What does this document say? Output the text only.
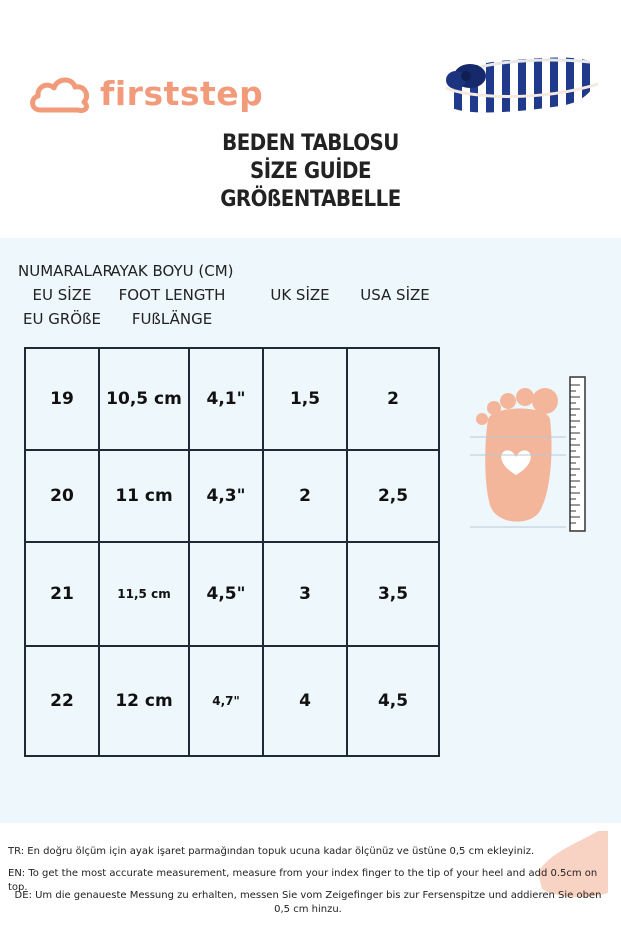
firststep
BEDEN TABLOSU
SİZE GUİDE
GRÖßENTABELLE
NUMARALAR
EU SİZE
EU GRÖßE
AYAK BOYU (CM)
FOOT LENGTH
FUßLÄNGE
UK SİZE	USA SİZE
19	10,5 cm	4,1"	1,5	2
20	11 cm	4,3"	2	2,5
21	11,5 cm	4,5"	3	3,5
22	12 cm	4,7"	4	4,5
TR: En doğru ölçüm için ayak işaret parmağından topuk ucuna kadar ölçünüz ve üstüne 0,5 cm ekleyiniz.
EN: To get the most accurate measurement, measure from your index finger to the tip of your heel and add 0.5cm on top.
DE: Um die genaueste Messung zu erhalten, messen Sie vom Zeigefinger bis zur Fersenspitze und addieren Sie oben 0,5 cm hinzu.
